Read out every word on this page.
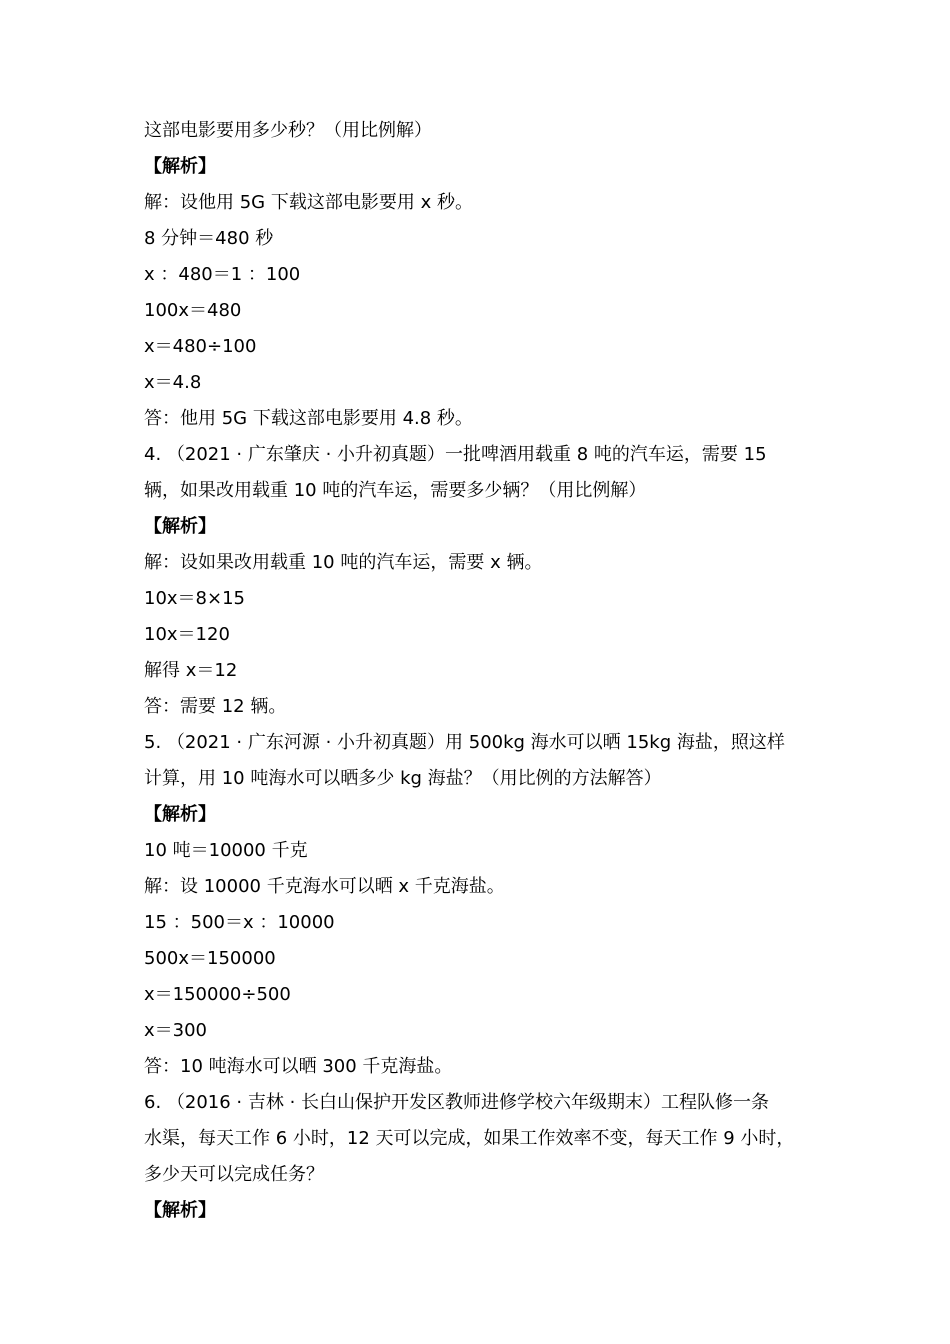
这部电影要用多少秒？（用比例解）
【解析】
解：设他用 5G 下载这部电影要用 x 秒。
8 分钟＝480 秒
x ：480＝1 ：100
100x＝480
x＝480÷100
x＝4.8
答：他用 5G 下载这部电影要用 4.8 秒。
4. （2021 · 广东肇庆 · 小升初真题）一批啤酒用载重 8 吨的汽车运，需要 15
辆，如果改用载重 10 吨的汽车运，需要多少辆？（用比例解）
【解析】
解：设如果改用载重 10 吨的汽车运，需要 x 辆。
10x＝8×15
10x＝120
解得 x＝12
答：需要 12 辆。
5. （2021 · 广东河源 · 小升初真题）用 500kg 海水可以晒 15kg 海盐，照这样
计算，用 10 吨海水可以晒多少 kg 海盐？（用比例的方法解答）
【解析】
10 吨＝10000 千克
解：设 10000 千克海水可以晒 x 千克海盐。
15 ：500＝x ：10000
500x＝150000
x＝150000÷500
x＝300
答：10 吨海水可以晒 300 千克海盐。
6. （2016 · 吉林 · 长白山保护开发区教师进修学校六年级期末）工程队修一条
水渠，每天工作 6 小时，12 天可以完成，如果工作效率不变，每天工作 9 小时，
多少天可以完成任务？
【解析】
